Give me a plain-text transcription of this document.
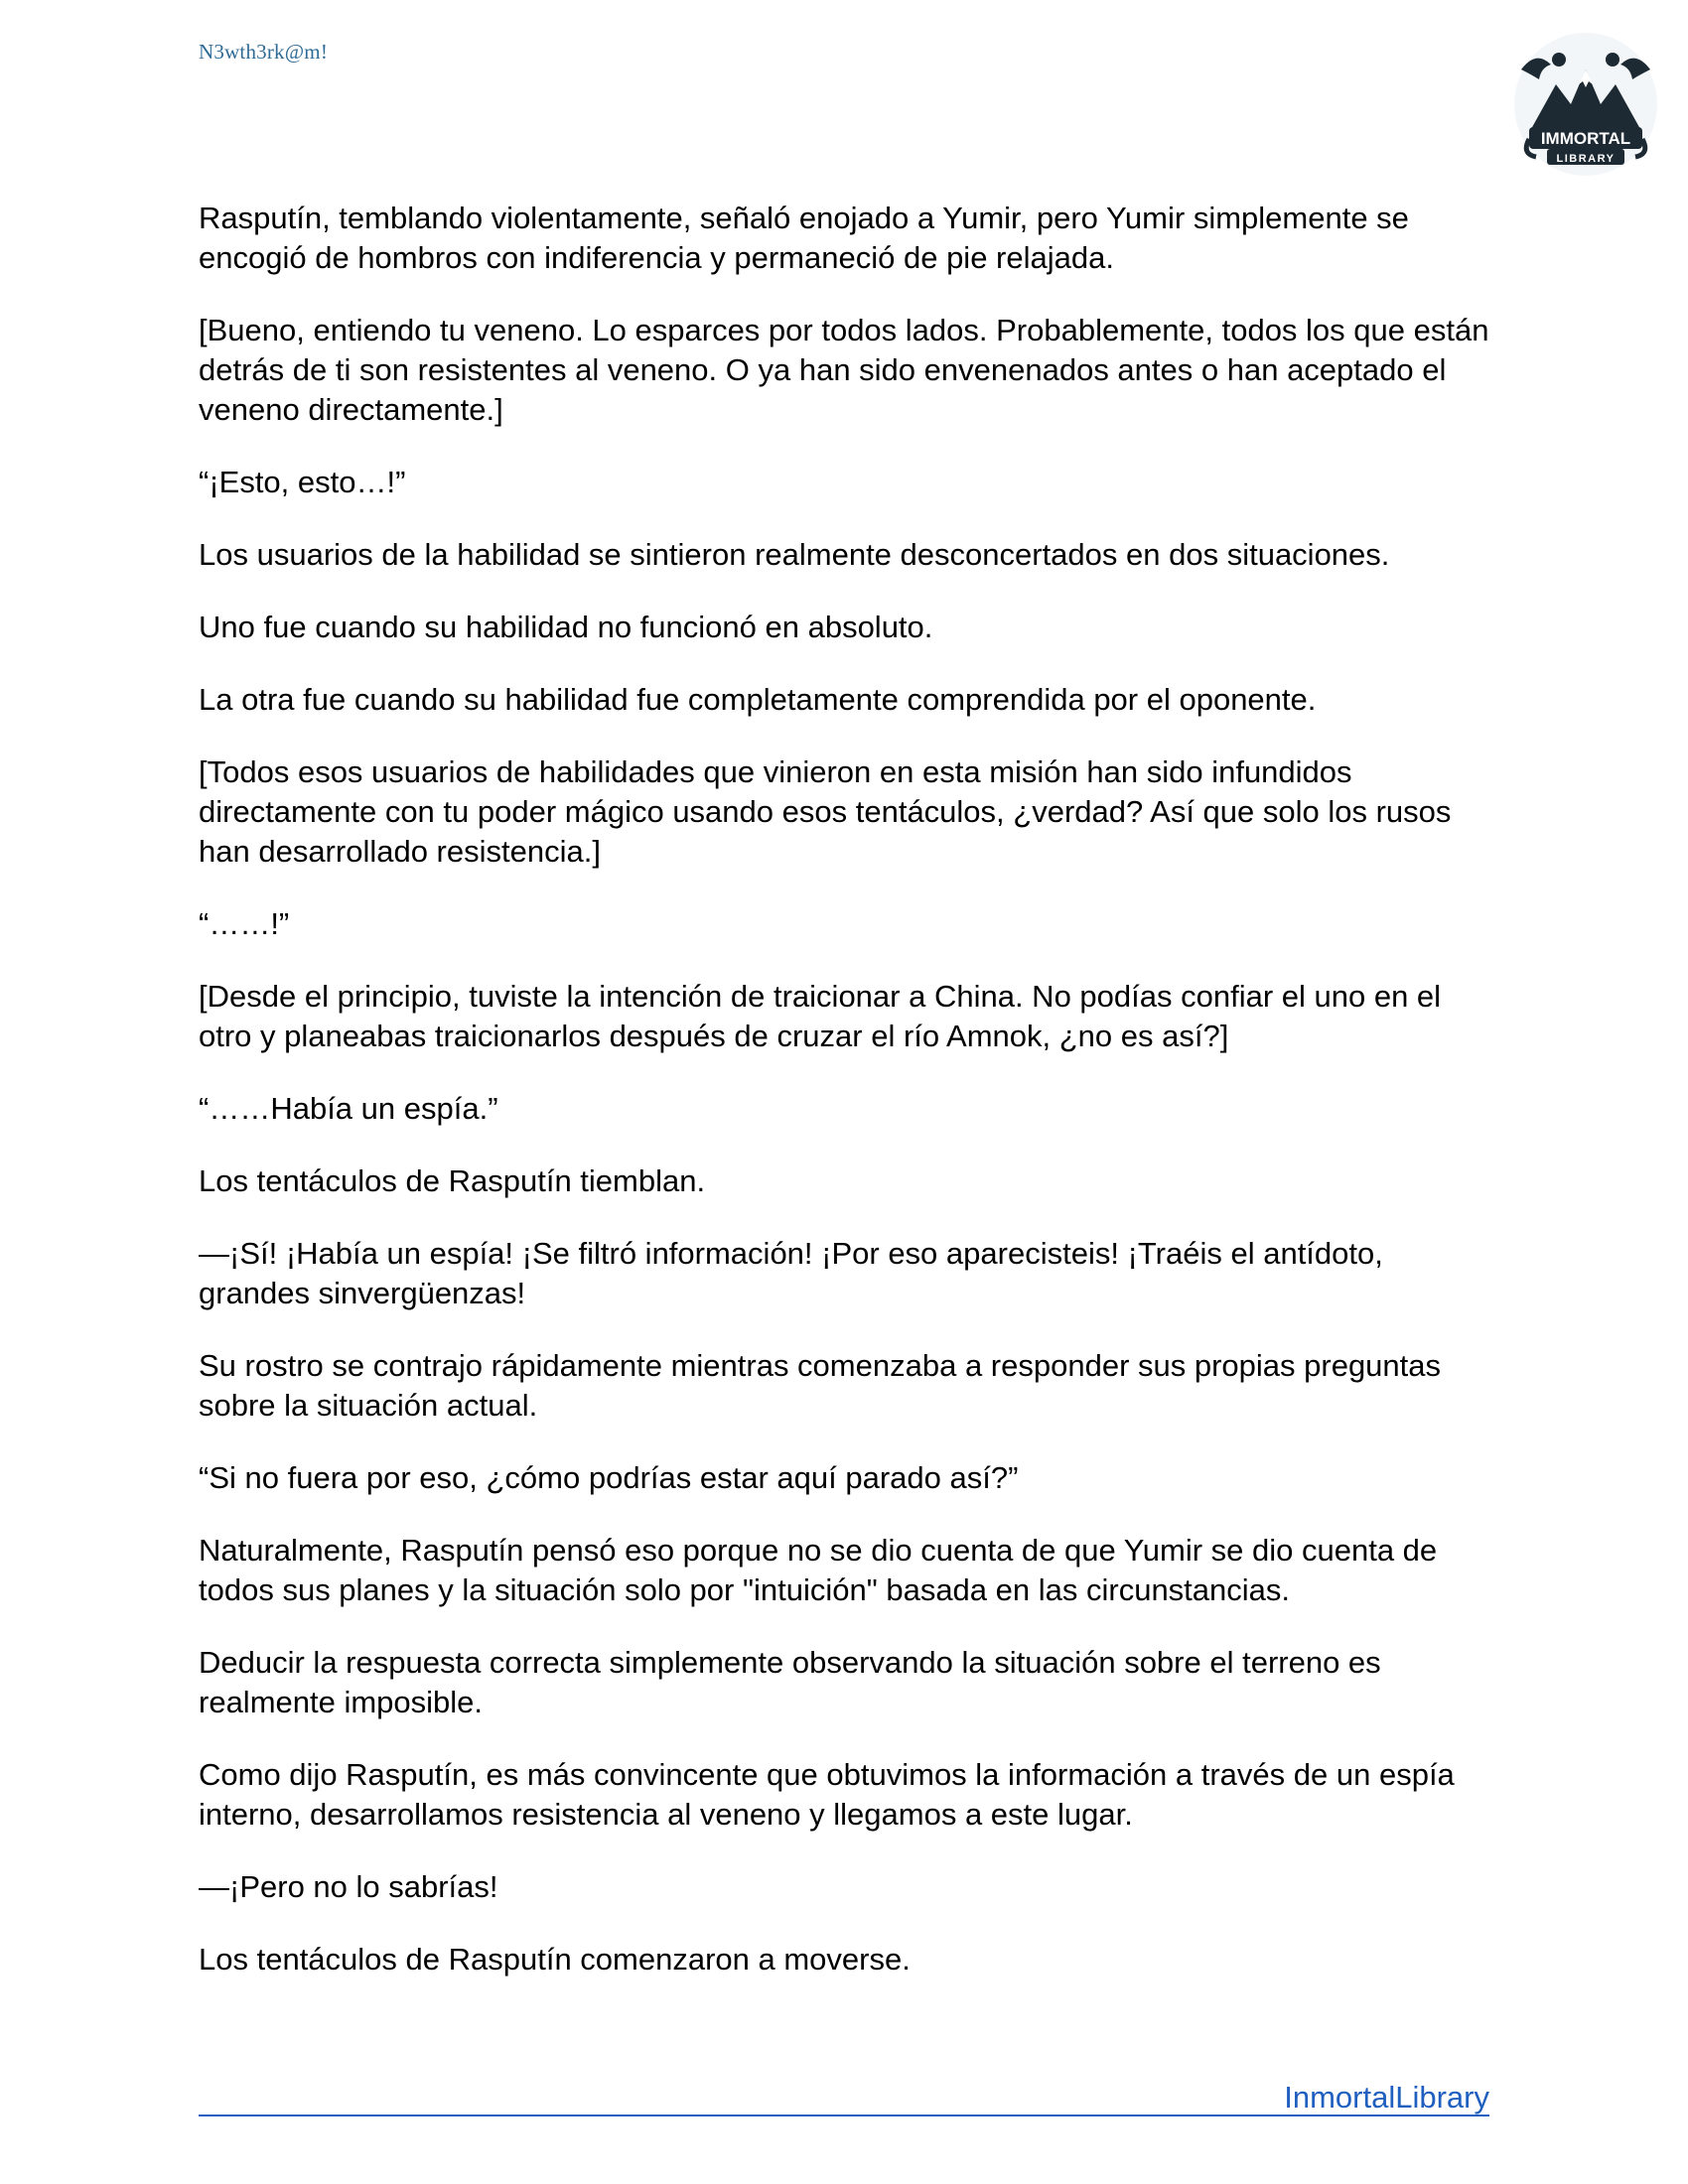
N3wth3rk@m!
IMMORTAL
LIBRARY

Rasputín, temblando violentamente, señaló enojado a Yumir, pero Yumir simplemente se encogió de hombros con indiferencia y permaneció de pie relajada.

[Bueno, entiendo tu veneno. Lo esparces por todos lados. Probablemente, todos los que están detrás de ti son resistentes al veneno. O ya han sido envenenados antes o han aceptado el veneno directamente.]

“¡Esto, esto…!”

Los usuarios de la habilidad se sintieron realmente desconcertados en dos situaciones.

Uno fue cuando su habilidad no funcionó en absoluto.

La otra fue cuando su habilidad fue completamente comprendida por el oponente.

[Todos esos usuarios de habilidades que vinieron en esta misión han sido infundidos directamente con tu poder mágico usando esos tentáculos, ¿verdad? Así que solo los rusos han desarrollado resistencia.]

“……!”

[Desde el principio, tuviste la intención de traicionar a China. No podías confiar el uno en el otro y planeabas traicionarlos después de cruzar el río Amnok, ¿no es así?]

“……Había un espía.”

Los tentáculos de Rasputín tiemblan.

—¡Sí! ¡Había un espía! ¡Se filtró información! ¡Por eso aparecisteis! ¡Traéis el antídoto, grandes sinvergüenzas!

Su rostro se contrajo rápidamente mientras comenzaba a responder sus propias preguntas sobre la situación actual.

“Si no fuera por eso, ¿cómo podrías estar aquí parado así?”

Naturalmente, Rasputín pensó eso porque no se dio cuenta de que Yumir se dio cuenta de todos sus planes y la situación solo por "intuición" basada en las circunstancias.

Deducir la respuesta correcta simplemente observando la situación sobre el terreno es realmente imposible.

Como dijo Rasputín, es más convincente que obtuvimos la información a través de un espía interno, desarrollamos resistencia al veneno y llegamos a este lugar.

—¡Pero no lo sabrías!

Los tentáculos de Rasputín comenzaron a moverse.

InmortalLibrary
